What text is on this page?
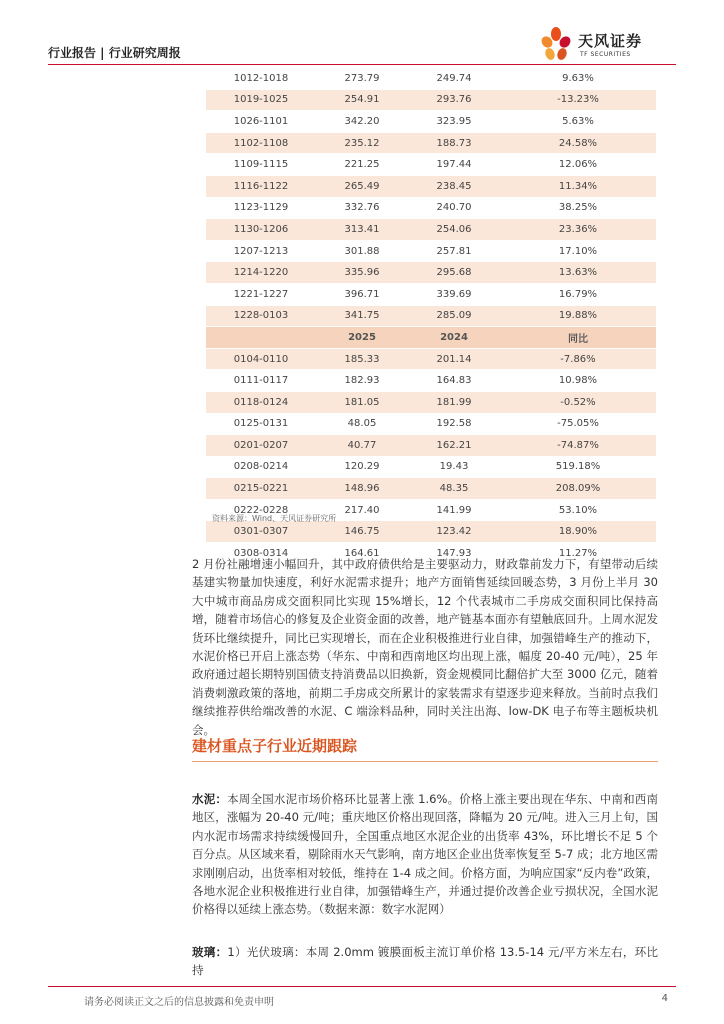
行业报告 | 行业研究周报
天风证券
TF SECURITIES
1012-1018	273.79	249.74	9.63%
1019-1025	254.91	293.76	-13.23%
1026-1101	342.20	323.95	5.63%
1102-1108	235.12	188.73	24.58%
1109-1115	221.25	197.44	12.06%
1116-1122	265.49	238.45	11.34%
1123-1129	332.76	240.70	38.25%
1130-1206	313.41	254.06	23.36%
1207-1213	301.88	257.81	17.10%
1214-1220	335.96	295.68	13.63%
1221-1227	396.71	339.69	16.79%
1228-0103	341.75	285.09	19.88%
	2025	2024	同比
0104-0110	185.33	201.14	-7.86%
0111-0117	182.93	164.83	10.98%
0118-0124	181.05	181.99	-0.52%
0125-0131	48.05	192.58	-75.05%
0201-0207	40.77	162.21	-74.87%
0208-0214	120.29	19.43	519.18%
0215-0221	148.96	48.35	208.09%
0222-0228	217.40	141.99	53.10%
0301-0307	146.75	123.42	18.90%
0308-0314	164.61	147.93	11.27%
资料来源：Wind、天风证券研究所
2 月份社融增速小幅回升，其中政府债供给是主要驱动力，财政靠前发力下，有望带动后续基建实物量加快速度，利好水泥需求提升；地产方面销售延续回暖态势，3 月份上半月 30 大中城市商品房成交面积同比实现 15%增长，12 个代表城市二手房成交面积同比保持高增，随着市场信心的修复及企业资金面的改善，地产链基本面亦有望触底回升。上周水泥发货环比继续提升，同比已实现增长，而在企业积极推进行业自律，加强错峰生产的推动下，水泥价格已开启上涨态势（华东、中南和西南地区均出现上涨，幅度 20-40 元/吨），25 年政府通过超长期特别国债支持消费品以旧换新，资金规模同比翻倍扩大至 3000 亿元，随着消费刺激政策的落地，前期二手房成交所累计的家装需求有望逐步迎来释放。当前时点我们继续推荐供给端改善的水泥、C 端涂料品种，同时关注出海、low-DK 电子布等主题板块机会。
建材重点子行业近期跟踪
水泥：本周全国水泥市场价格环比显著上涨 1.6%。价格上涨主要出现在华东、中南和西南地区，涨幅为 20-40 元/吨；重庆地区价格出现回落，降幅为 20 元/吨。进入三月上旬，国内水泥市场需求持续缓慢回升，全国重点地区水泥企业的出货率 43%，环比增长不足 5 个百分点。从区域来看，剔除雨水天气影响，南方地区企业出货率恢复至 5-7 成；北方地区需求刚刚启动，出货率相对较低，维持在 1-4 成之间。价格方面，为响应国家“反内卷”政策，各地水泥企业积极推进行业自律，加强错峰生产，并通过提价改善企业亏损状况，全国水泥价格得以延续上涨态势。（数据来源：数字水泥网）
玻璃：1）光伏玻璃：本周 2.0mm 镀膜面板主流订单价格 13.5-14 元/平方米左右，环比持
请务必阅读正文之后的信息披露和免责申明	4
